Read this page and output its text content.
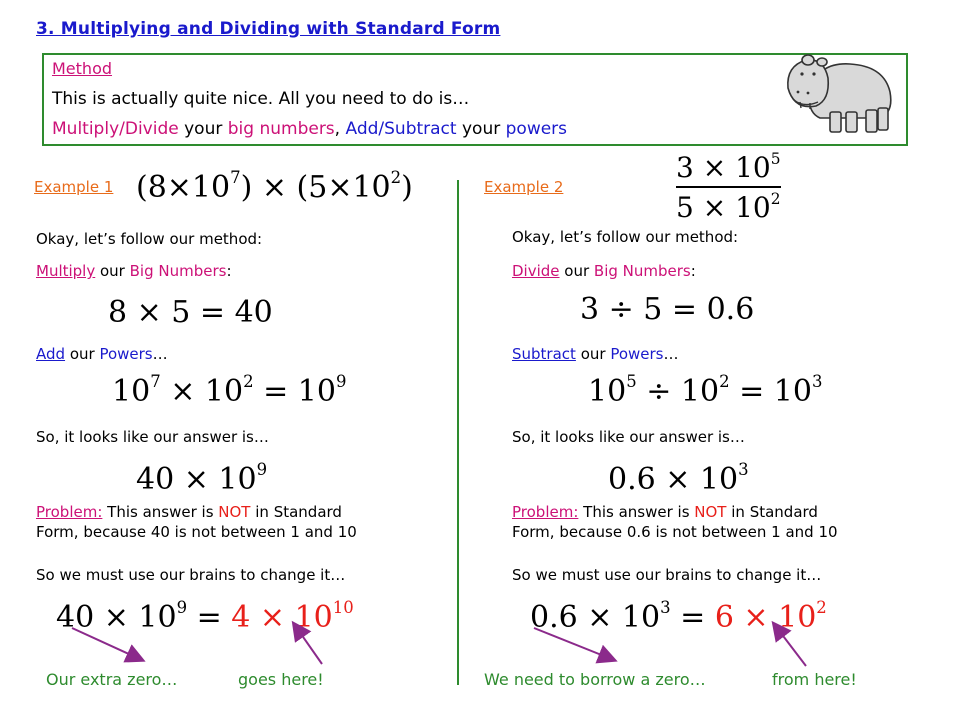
3. Multiplying and Dividing with Standard Form
Method
This is actually quite nice. All you need to do is…
Multiply/Divide your big numbers, Add/Subtract your powers
Example 1 $(8\times 10^7) \times (5\times 10^2)$
Okay, let’s follow our method:
Multiply our Big Numbers:
8 × 5 = 40
Add our Powers…
$10^7 \times 10^2 = 10^9$
So, it looks like our answer is…
$40 \times 10^9$
Problem: This answer is NOT in Standard
Form, because 40 is not between 1 and 10
So we must use our brains to change it…
$40 \times 10^9 = 4 \times 10^{10}$
Our extra zero…	goes here!
Example 2	$\frac{3 \times 10^5}{5 \times 10^2}$
Okay, let’s follow our method:
Divide our Big Numbers:
3 ÷ 5 = 0.6
Subtract our Powers…
$10^5 \div 10^2 = 10^3$
So, it looks like our answer is…
$0.6 \times 10^3$
Problem: This answer is NOT in Standard
Form, because 0.6 is not between 1 and 10
So we must use our brains to change it…
$0.6 \times 10^3 = 6 \times 10^2$
We need to borrow a zero…	from here!
